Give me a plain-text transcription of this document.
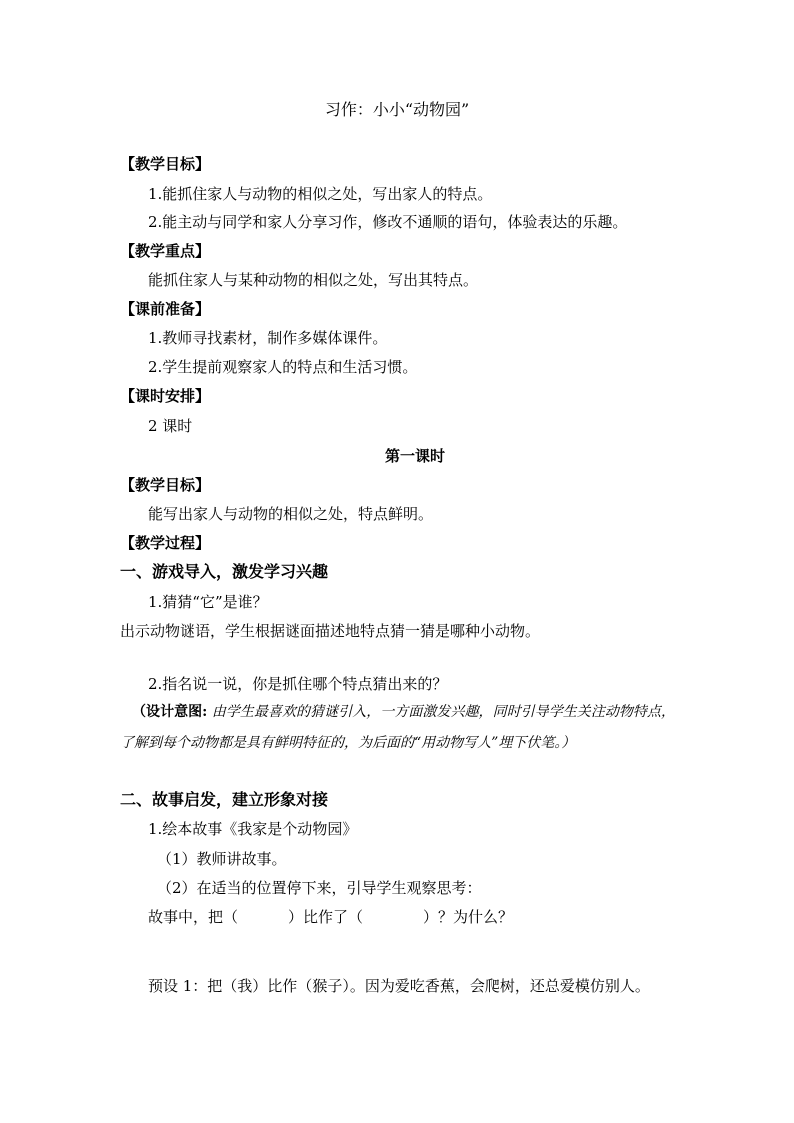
习作：小小“动物园”
【教学目标】
1.能抓住家人与动物的相似之处，写出家人的特点。
2.能主动与同学和家人分享习作，修改不通顺的语句，体验表达的乐趣。
【教学重点】
能抓住家人与某种动物的相似之处，写出其特点。
【课前准备】
1.教师寻找素材，制作多媒体课件。
2.学生提前观察家人的特点和生活习惯。
【课时安排】
2 课时
第一课时
【教学目标】
能写出家人与动物的相似之处，特点鲜明。
【教学过程】
一、游戏导入，激发学习兴趣
1.猜猜“它”是谁？
出示动物谜语，学生根据谜面描述地特点猜一猜是哪种小动物。
2.指名说一说，你是抓住哪个特点猜出来的？
（设计意图: 由学生最喜欢的猜谜引入，一方面激发兴趣，同时引导学生关注动物特点，了解到每个动物都是具有鲜明特征的，为后面的“用动物写人”埋下伏笔。）
二、故事启发，建立形象对接
1.绘本故事《我家是个动物园》
（1）教师讲故事。
（2）在适当的位置停下来，引导学生观察思考：
故事中，把（	）比作了（	）？为什么？
预设 1：把（我）比作（猴子）。因为爱吃香蕉，会爬树，还总爱模仿别人。
